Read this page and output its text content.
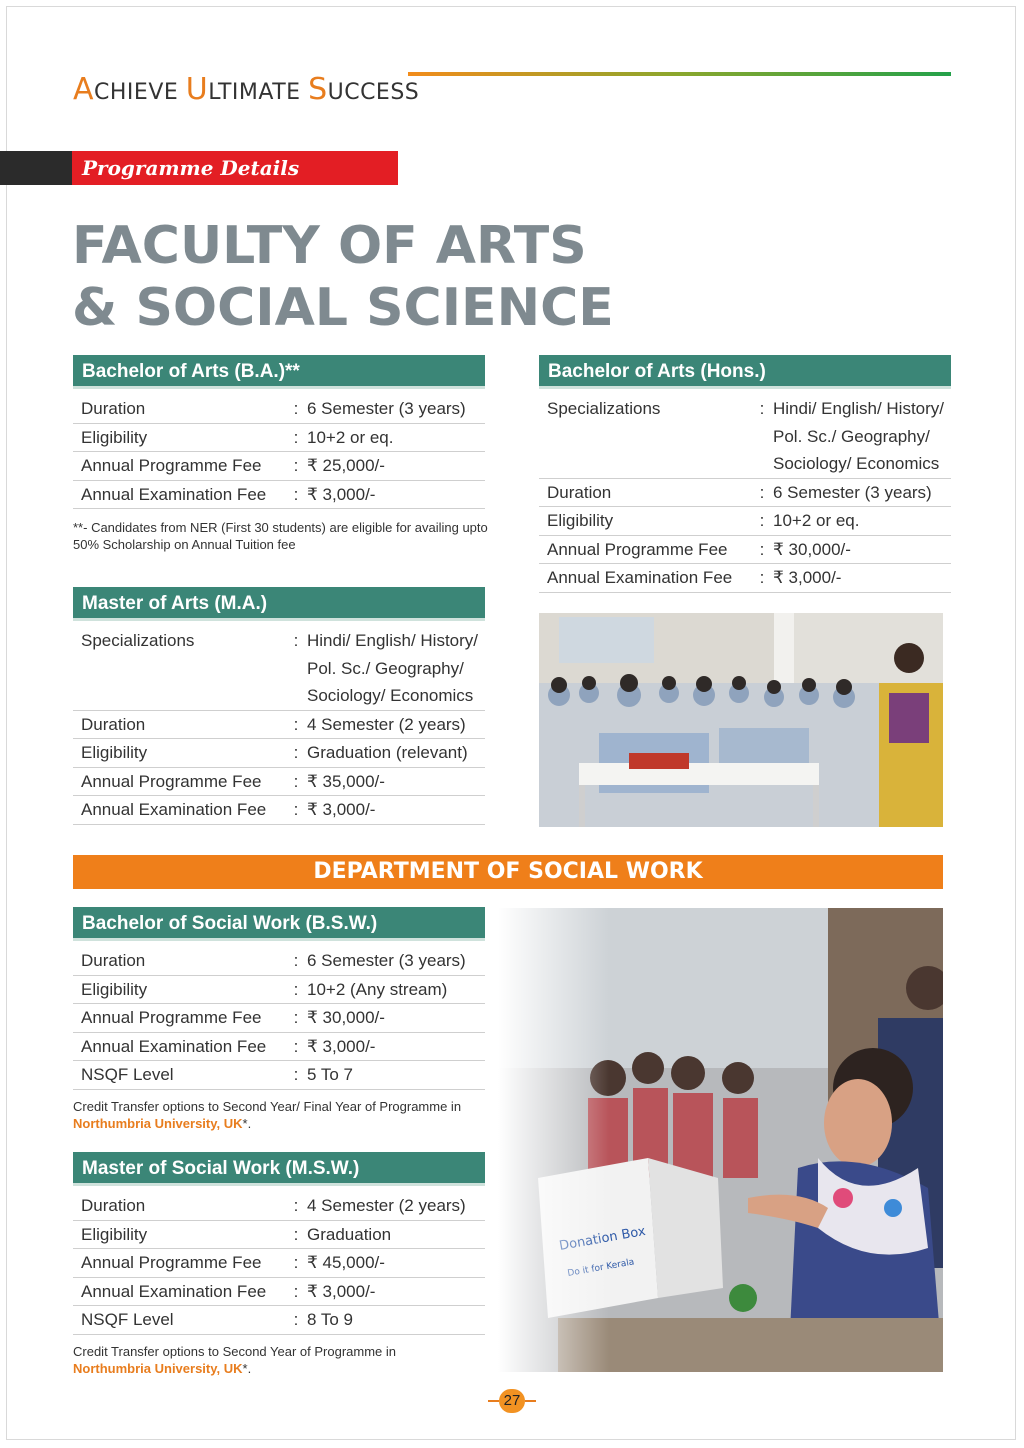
ACHIEVE ULTIMATE SUCCESS
Programme Details
FACULTY OF ARTS
& SOCIAL SCIENCE
Bachelor of Arts (B.A.)**
Duration	:	6 Semester (3 years)
Eligibility	:	10+2 or eq.
Annual Programme Fee	:	₹ 25,000/-
Annual Examination Fee	:	₹ 3,000/-
**- Candidates from NER (First 30 students) are eligible for availing upto 50% Scholarship on Annual Tuition fee
Bachelor of Arts (Hons.)
Specializations	:	Hindi/ English/ History/
Pol. Sc./ Geography/
Sociology/ Economics
Duration	:	6 Semester (3 years)
Eligibility	:	10+2 or eq.
Annual Programme Fee	:	₹ 30,000/-
Annual Examination Fee	:	₹ 3,000/-
Master of Arts (M.A.)
Specializations	:	Hindi/ English/ History/
Pol. Sc./ Geography/
Sociology/ Economics
Duration	:	4 Semester (2 years)
Eligibility	:	Graduation (relevant)
Annual Programme Fee	:	₹ 35,000/-
Annual Examination Fee	:	₹ 3,000/-
DEPARTMENT OF SOCIAL WORK
Bachelor of Social Work (B.S.W.)
Duration	:	6 Semester (3 years)
Eligibility	:	10+2 (Any stream)
Annual Programme Fee	:	₹ 30,000/-
Annual Examination Fee	:	₹ 3,000/-
NSQF Level	:	5 To 7
Credit Transfer options to Second Year/ Final Year of Programme in
Northumbria University, UK*.
Master of Social Work (M.S.W.)
Duration	:	4 Semester (2 years)
Eligibility	:	Graduation
Annual Programme Fee	:	₹ 45,000/-
Annual Examination Fee	:	₹ 3,000/-
NSQF Level	:	8 To 9
Credit Transfer options to Second Year of Programme in
Northumbria University, UK*.
27
